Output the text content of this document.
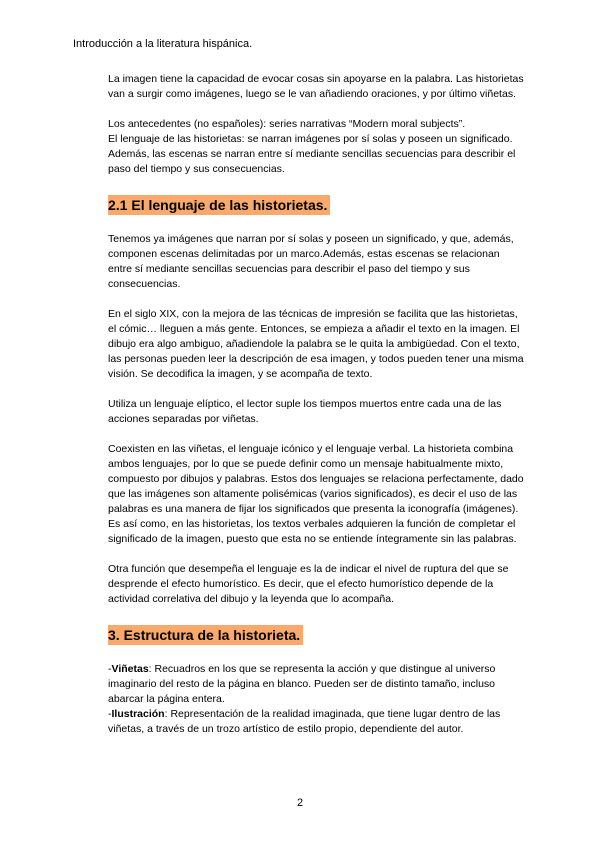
Introducción a la literatura hispánica.

La imagen tiene la capacidad de evocar cosas sin apoyarse en la palabra. Las historietas van a surgir como imágenes, luego se le van añadiendo oraciones, y por último viñetas.

Los antecedentes (no españoles): series narrativas “Modern moral subjects”.

El lenguaje de las historietas: se narran imágenes por sí solas y poseen un significado. Además, las escenas se narran entre sí mediante sencillas secuencias para describir el paso del tiempo y sus consecuencias.

2.1 El lenguaje de las historietas.

Tenemos ya imágenes que narran por sí solas y poseen un significado, y que, además, componen escenas delimitadas por un marco.Además, estas escenas se relacionan entre sí mediante sencillas secuencias para describir el paso del tiempo y sus consecuencias.

En el siglo XIX, con la mejora de las técnicas de impresión se facilita que las historietas, el cómic… lleguen a más gente. Entonces, se empieza a añadir el texto en la imagen. El dibujo era algo ambiguo, añadiendole la palabra se le quita la ambigüedad. Con el texto, las personas pueden leer la descripción de esa imagen, y todos pueden tener una misma visión. Se decodifica la imagen, y se acompaña de texto.

Utiliza un lenguaje elíptico, el lector suple los tiempos muertos entre cada una de las acciones separadas por viñetas.

Coexisten en las viñetas, el lenguaje icónico y el lenguaje verbal. La historieta combina ambos lenguajes, por lo que se puede definir como un mensaje habitualmente mixto, compuesto por dibujos y palabras. Estos dos lenguajes se relaciona perfectamente, dado que las imágenes son altamente polisémicas (varios significados), es decir el uso de las palabras es una manera de fijar los significados que presenta la iconografía (imágenes). Es así como, en las historietas, los textos verbales adquieren la función de completar el significado de la imagen, puesto que esta no se entiende íntegramente sin las palabras.

Otra función que desempeña el lenguaje es la de indicar el nivel de ruptura del que se desprende el efecto humorístico. Es decir, que el efecto humorístico depende de la actividad correlativa del dibujo y la leyenda que lo acompaña.

3. Estructura de la historieta.

-Viñetas: Recuadros en los que se representa la acción y que distingue al universo imaginario del resto de la página en blanco. Pueden ser de distinto tamaño, incluso abarcar la página entera.

-Ilustración: Representación de la realidad imaginada, que tiene lugar dentro de las viñetas, a través de un trozo artístico de estilo propio, dependiente del autor.

2
